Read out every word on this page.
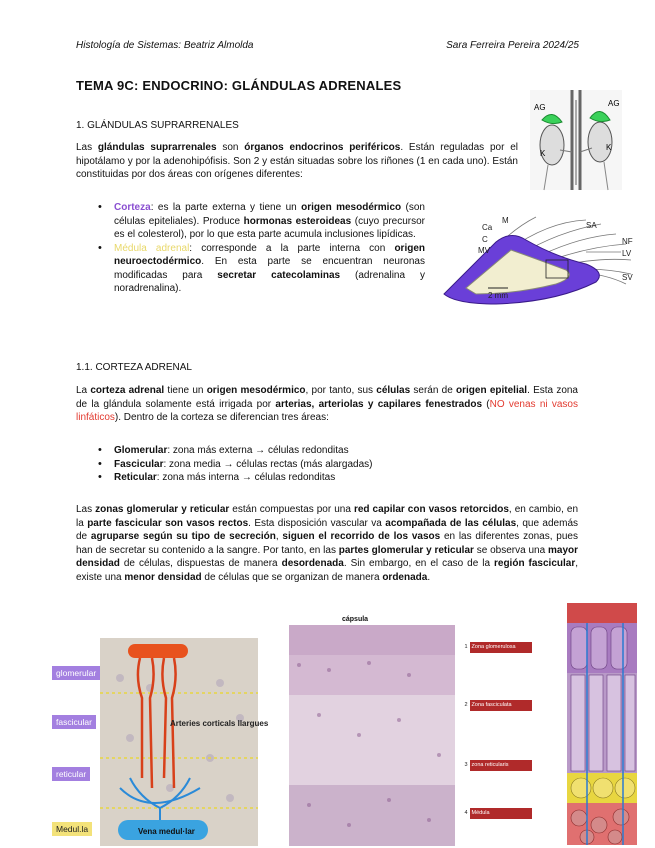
Histología de Sistemas: Beatriz Almolda	Sara Ferreira Pereira 2024/25
TEMA 9C: ENDOCRINO: GLÁNDULAS ADRENALES
1. GLÁNDULAS SUPRARRENALES

Las glándulas suprarrenales son órganos endocrinos periféricos. Están reguladas por el hipotálamo y por la adenohipófisis. Son 2 y están situadas sobre los riñones (1 en cada uno). Están constituidas por dos áreas con orígenes diferentes:

AG	AG
K
K
• Corteza: es la parte externa y tiene un origen mesodérmico (son células epiteliales). Produce hormonas esteroideas (cuyo precursor es el colesterol), por lo que esta parte acumula inclusiones lipídicas.
• Médula adrenal: corresponde a la parte interna con origen neuroectodérmico. En esta parte se encuentran neuronas modificadas para secretar catecolaminas (adrenalina y noradrenalina).
Ca
M
C
MV
SA
NF
LV
SV
2 mm
1.1. CORTEZA ADRENAL

La corteza adrenal tiene un origen mesodérmico, por tanto, sus células serán de origen epitelial. Esta zona de la glándula solamente está irrigada por arterias, arteriolas y capilares fenestrados (NO venas ni vasos linfáticos). Dentro de la corteza se diferencian tres áreas:

• Glomerular: zona más externa → células redonditas
• Fascicular: zona media → células rectas (más alargadas)
• Reticular: zona más interna → células redonditas

Las zonas glomerular y reticular están compuestas por una red capilar con vasos retorcidos, en cambio, en la parte fascicular son vasos rectos. Esta disposición vascular va acompañada de las células, que además de agruparse según su tipo de secreción, siguen el recorrido de los vasos en las diferentes zonas, pues han de secretar su contenido a la sangre. Por tanto, en las partes glomerular y reticular se observa una mayor densidad de células, dispuestas de manera desordenada. Sin embargo, en el caso de la región fascicular, existe una menor densidad de células que se organizan de manera ordenada.

glomerular
fascicular
reticular
Medul.la
Arteries corticals llargues
Vena medul·lar
cápsula
1 Zona glomerulosa
2 Zona fasciculata
3 zona reticularis
4 Médula
